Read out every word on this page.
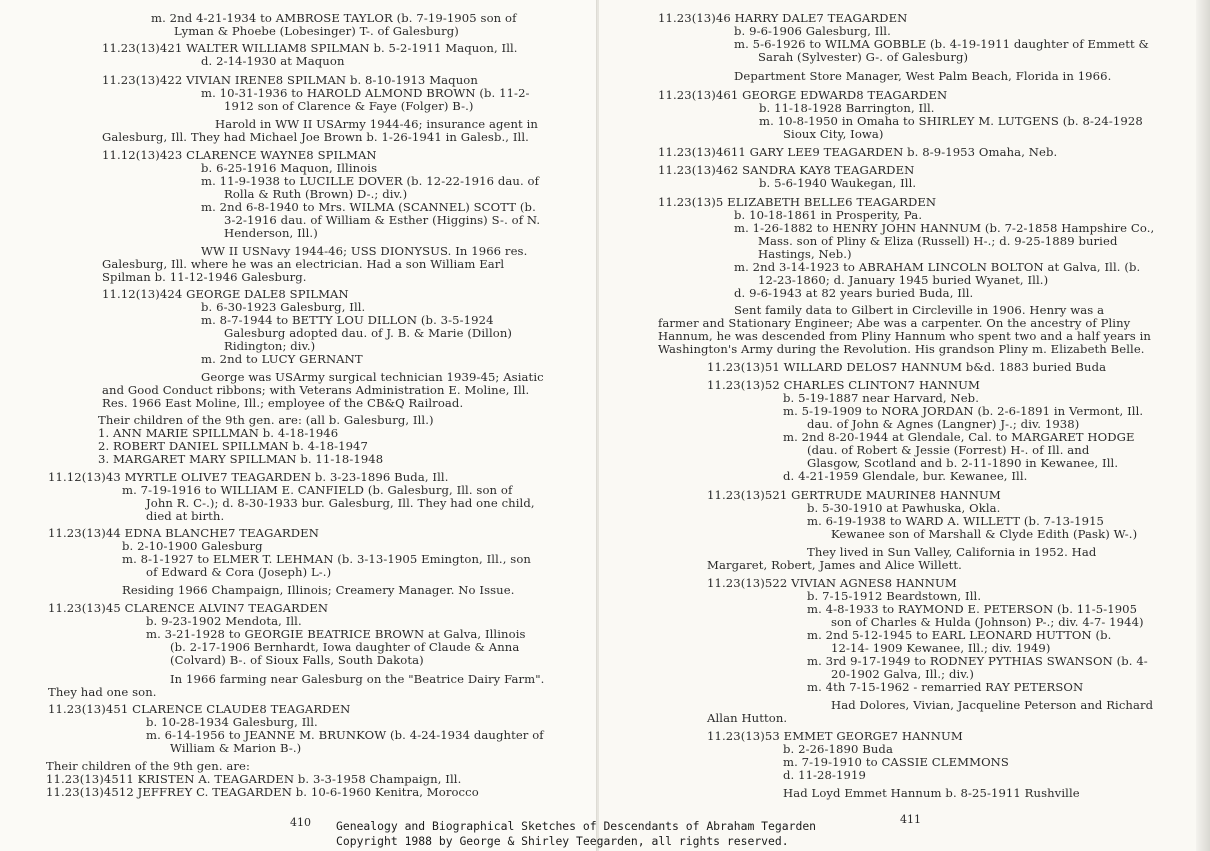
410
m. 2nd 4-21-1934 to AMBROSE TAYLOR (b. 7-19-1905 son of
Lyman & Phoebe (Lobesinger) T-. of Galesburg)
11.23(13)421 WALTER WILLIAM8 SPILMAN b. 5-2-1911 Maquon, Ill.
d. 2-14-1930 at Maquon
11.23(13)422 VIVIAN IRENE8 SPILMAN b. 8-10-1913 Maquon
m. 10-31-1936 to HAROLD ALMOND BROWN (b. 11-2-
1912 son of Clarence & Faye (Folger) B-.)
Harold in WW II USArmy 1944-46; insurance agent in
Galesburg, Ill. They had Michael Joe Brown b. 1-26-1941 in Galesb., Ill.
11.12(13)423 CLARENCE WAYNE8 SPILMAN
b. 6-25-1916 Maquon, Illinois
m. 11-9-1938 to LUCILLE DOVER (b. 12-22-1916 dau. of
Rolla & Ruth (Brown) D-.; div.)
m. 2nd 6-8-1940 to Mrs. WILMA (SCANNEL) SCOTT (b.
3-2-1916 dau. of William & Esther (Higgins) S-. of N.
Henderson, Ill.)
WW II USNavy 1944-46; USS DIONYSUS. In 1966 res.
Galesburg, Ill. where he was an electrician. Had a son William Earl
Spilman b. 11-12-1946 Galesburg.
11.12(13)424 GEORGE DALE8 SPILMAN
b. 6-30-1923 Galesburg, Ill.
m. 8-7-1944 to BETTY LOU DILLON (b. 3-5-1924
Galesburg adopted dau. of J. B. & Marie (Dillon)
Ridington; div.)
m. 2nd to LUCY GERNANT
George was USArmy surgical technician 1939-45; Asiatic
and Good Conduct ribbons; with Veterans Administration E. Moline, Ill.
Res. 1966 East Moline, Ill.; employee of the CB&Q Railroad.
Their children of the 9th gen. are: (all b. Galesburg, Ill.)
1. ANN MARIE SPILLMAN b. 4-18-1946
2. ROBERT DANIEL SPILLMAN b. 4-18-1947
3. MARGARET MARY SPILLMAN b. 11-18-1948
11.12(13)43 MYRTLE OLIVE7 TEAGARDEN b. 3-23-1896 Buda, Ill.
m. 7-19-1916 to WILLIAM E. CANFIELD (b. Galesburg, Ill. son of
John R. C-.); d. 8-30-1933 bur. Galesburg, Ill. They had one child,
died at birth.
11.23(13)44 EDNA BLANCHE7 TEAGARDEN
b. 2-10-1900 Galesburg
m. 8-1-1927 to ELMER T. LEHMAN (b. 3-13-1905 Emington, Ill., son
of Edward & Cora (Joseph) L-.)
Residing 1966 Champaign, Illinois; Creamery Manager. No Issue.
11.23(13)45 CLARENCE ALVIN7 TEAGARDEN
b. 9-23-1902 Mendota, Ill.
m. 3-21-1928 to GEORGIE BEATRICE BROWN at Galva, Illinois
(b. 2-17-1906 Bernhardt, Iowa daughter of Claude & Anna
(Colvard) B-. of Sioux Falls, South Dakota)
In 1966 farming near Galesburg on the "Beatrice Dairy Farm".
They had one son.
11.23(13)451 CLARENCE CLAUDE8 TEAGARDEN
b. 10-28-1934 Galesburg, Ill.
m. 6-14-1956 to JEANNE M. BRUNKOW (b. 4-24-1934 daughter of
William & Marion B-.)
Their children of the 9th gen. are:
11.23(13)4511 KRISTEN A. TEAGARDEN b. 3-3-1958 Champaign, Ill.
11.23(13)4512 JEFFREY C. TEAGARDEN b. 10-6-1960 Kenitra, Morocco
411
11.23(13)46 HARRY DALE7 TEAGARDEN
b. 9-6-1906 Galesburg, Ill.
m. 5-6-1926 to WILMA GOBBLE (b. 4-19-1911 daughter of Emmett &
Sarah (Sylvester) G-. of Galesburg)
Department Store Manager, West Palm Beach, Florida in 1966.
11.23(13)461 GEORGE EDWARD8 TEAGARDEN
b. 11-18-1928 Barrington, Ill.
m. 10-8-1950 in Omaha to SHIRLEY M. LUTGENS (b. 8-24-1928
Sioux City, Iowa)
11.23(13)4611 GARY LEE9 TEAGARDEN b. 8-9-1953 Omaha, Neb.
11.23(13)462 SANDRA KAY8 TEAGARDEN
b. 5-6-1940 Waukegan, Ill.
11.23(13)5 ELIZABETH BELLE6 TEAGARDEN
b. 10-18-1861 in Prosperity, Pa.
m. 1-26-1882 to HENRY JOHN HANNUM (b. 7-2-1858 Hampshire Co.,
Mass. son of Pliny & Eliza (Russell) H-.; d. 9-25-1889 buried
Hastings, Neb.)
m. 2nd 3-14-1923 to ABRAHAM LINCOLN BOLTON at Galva, Ill. (b.
12-23-1860; d. January 1945 buried Wyanet, Ill.)
d. 9-6-1943 at 82 years buried Buda, Ill.
Sent family data to Gilbert in Circleville in 1906. Henry was a
farmer and Stationary Engineer; Abe was a carpenter. On the ancestry of Pliny
Hannum, he was descended from Pliny Hannum who spent two and a half years in
Washington's Army during the Revolution. His grandson Pliny m. Elizabeth Belle.
11.23(13)51 WILLARD DELOS7 HANNUM b&d. 1883 buried Buda
11.23(13)52 CHARLES CLINTON7 HANNUM
b. 5-19-1887 near Harvard, Neb.
m. 5-19-1909 to NORA JORDAN (b. 2-6-1891 in Vermont, Ill.
dau. of John & Agnes (Langner) J-.; div. 1938)
m. 2nd 8-20-1944 at Glendale, Cal. to MARGARET HODGE
(dau. of Robert & Jessie (Forrest) H-. of Ill. and
Glasgow, Scotland and b. 2-11-1890 in Kewanee, Ill.
d. 4-21-1959 Glendale, bur. Kewanee, Ill.
11.23(13)521 GERTRUDE MAURINE8 HANNUM
b. 5-30-1910 at Pawhuska, Okla.
m. 6-19-1938 to WARD A. WILLETT (b. 7-13-1915
Kewanee son of Marshall & Clyde Edith (Pask) W-.)
They lived in Sun Valley, California in 1952. Had
Margaret, Robert, James and Alice Willett.
11.23(13)522 VIVIAN AGNES8 HANNUM
b. 7-15-1912 Beardstown, Ill.
m. 4-8-1933 to RAYMOND E. PETERSON (b. 11-5-1905
son of Charles & Hulda (Johnson) P-.; div. 4-7- 1944)
m. 2nd 5-12-1945 to EARL LEONARD HUTTON (b.
12-14- 1909 Kewanee, Ill.; div. 1949)
m. 3rd 9-17-1949 to RODNEY PYTHIAS SWANSON (b. 4-
20-1902 Galva, Ill.; div.)
m. 4th 7-15-1962 - remarried RAY PETERSON
Had Dolores, Vivian, Jacqueline Peterson and Richard
Allan Hutton.
11.23(13)53 EMMET GEORGE7 HANNUM
b. 2-26-1890 Buda
m. 7-19-1910 to CASSIE CLEMMONS
d. 11-28-1919
Had Loyd Emmet Hannum b. 8-25-1911 Rushville
Genealogy and Biographical Sketches of Descendants of Abraham Tegarden
Copyright 1988 by George & Shirley Teegarden, all rights reserved.
